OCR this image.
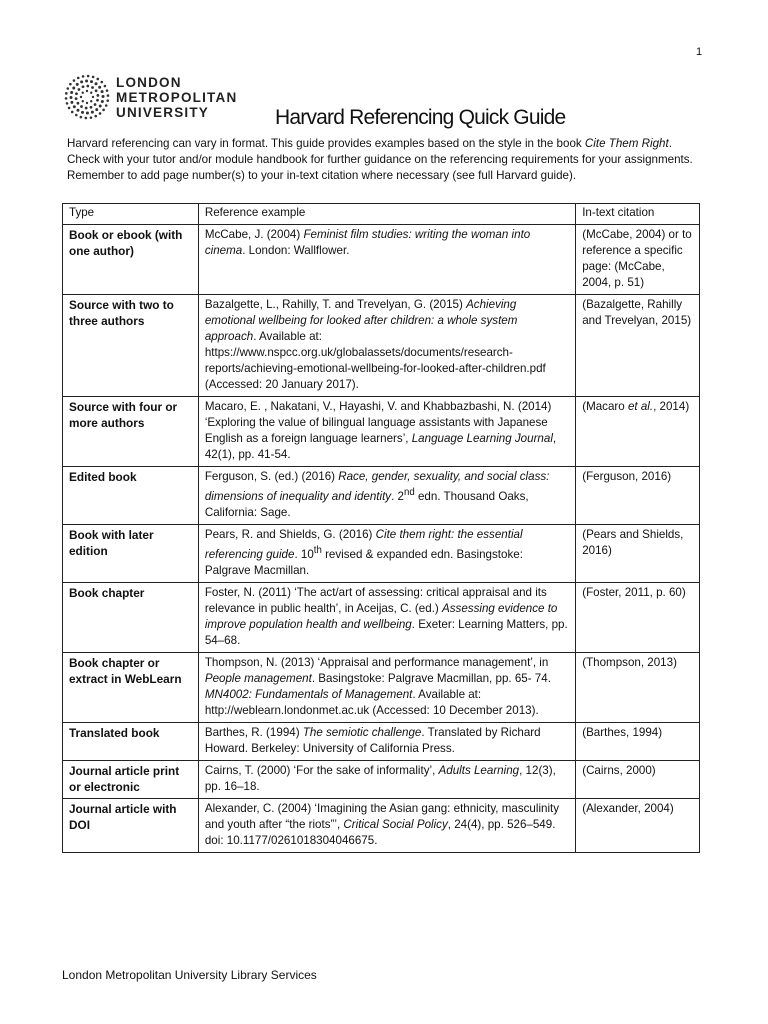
1
LONDON
METROPOLITAN
UNIVERSITY	Harvard Referencing Quick Guide

Harvard referencing can vary in format. This guide provides examples based on the style in the book Cite Them Right. Check with your tutor and/or module handbook for further guidance on the referencing requirements for your assignments. Remember to add page number(s) to your in-text citation where necessary (see full Harvard guide).

Type	Reference example	In-text citation
Book or ebook (with one author)	McCabe, J. (2004) Feminist film studies: writing the woman into cinema. London: Wallflower.	(McCabe, 2004) or to reference a specific page: (McCabe, 2004, p. 51)
Source with two to three authors	Bazalgette, L., Rahilly, T. and Trevelyan, G. (2015) Achieving emotional wellbeing for looked after children: a whole system approach. Available at: https://www.nspcc.org.uk/globalassets/documents/research-reports/achieving-emotional-wellbeing-for-looked-after-children.pdf (Accessed: 20 January 2017).	(Bazalgette, Rahilly and Trevelyan, 2015)
Source with four or more authors	Macaro, E. , Nakatani, V., Hayashi, V. and Khabbazbashi, N. (2014) ‘Exploring the value of bilingual language assistants with Japanese English as a foreign language learners’, Language Learning Journal, 42(1), pp. 41-54.	(Macaro et al., 2014)
Edited book	Ferguson, S. (ed.) (2016) Race, gender, sexuality, and social class: dimensions of inequality and identity. 2nd edn. Thousand Oaks, California: Sage.	(Ferguson, 2016)
Book with later edition	Pears, R. and Shields, G. (2016) Cite them right: the essential referencing guide. 10th revised & expanded edn. Basingstoke: Palgrave Macmillan.	(Pears and Shields, 2016)
Book chapter	Foster, N. (2011) ‘The act/art of assessing: critical appraisal and its relevance in public health’, in Aceijas, C. (ed.) Assessing evidence to improve population health and wellbeing. Exeter: Learning Matters, pp. 54–68.	(Foster, 2011, p. 60)
Book chapter or extract in WebLearn	Thompson, N. (2013) ‘Appraisal and performance management’, in People management. Basingstoke: Palgrave Macmillan, pp. 65- 74. MN4002: Fundamentals of Management. Available at: http://weblearn.londonmet.ac.uk (Accessed: 10 December 2013).	(Thompson, 2013)
Translated book	Barthes, R. (1994) The semiotic challenge. Translated by Richard Howard. Berkeley: University of California Press.	(Barthes, 1994)
Journal article print or electronic	Cairns, T. (2000) ‘For the sake of informality’, Adults Learning, 12(3), pp. 16–18.	(Cairns, 2000)
Journal article with DOI	Alexander, C. (2004) ‘Imagining the Asian gang: ethnicity, masculinity and youth after “the riots”’, Critical Social Policy, 24(4), pp. 526–549. doi: 10.1177/0261018304046675.	(Alexander, 2004)
London Metropolitan University Library Services
